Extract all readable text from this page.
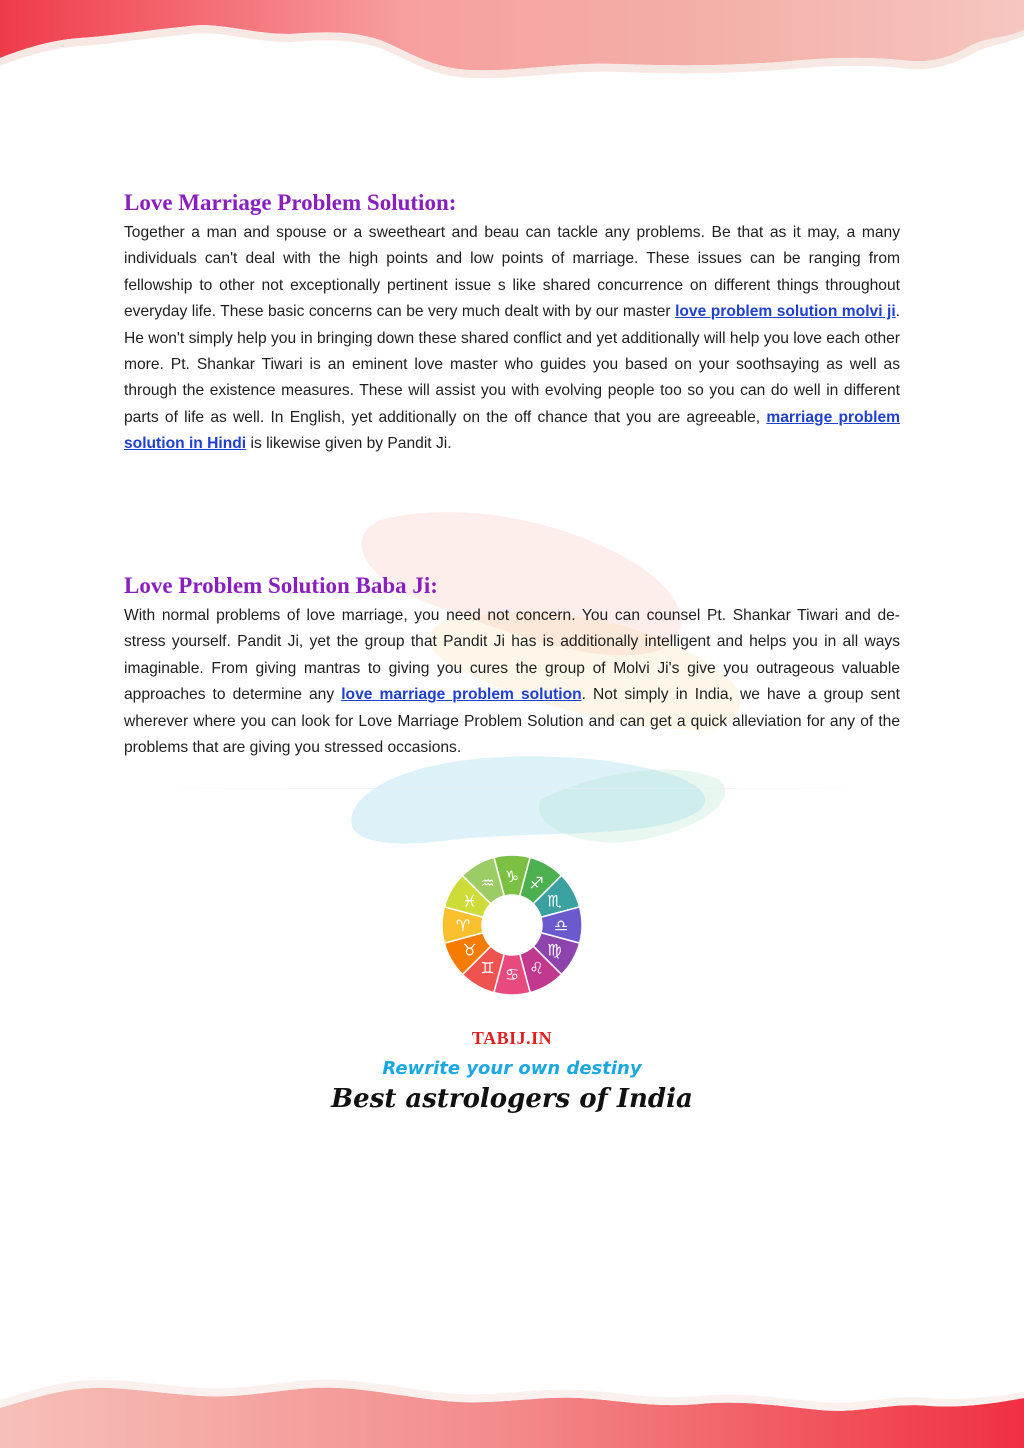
Love Marriage Problem Solution:

Together a man and spouse or a sweetheart and beau can tackle any problems. Be that as it may, a many individuals can't deal with the high points and low points of marriage. These issues can be ranging from fellowship to other not exceptionally pertinent issue s like shared concurrence on different things throughout everyday life. These basic concerns can be very much dealt with by our master love problem solution molvi ji. He won't simply help you in bringing down these shared conflict and yet additionally will help you love each other more. Pt. Shankar Tiwari is an eminent love master who guides you based on your soothsaying as well as through the existence measures. These will assist you with evolving people too so you can do well in different parts of life as well. In English, yet additionally on the off chance that you are agreeable, marriage problem solution in Hindi is likewise given by Pandit Ji.

Love Problem Solution Baba Ji:

With normal problems of love marriage, you need not concern. You can counsel Pt. Shankar Tiwari and de-stress yourself. Pandit Ji, yet the group that Pandit Ji has is additionally intelligent and helps you in all ways imaginable. From giving mantras to giving you cures the group of Molvi Ji's give you outrageous valuable approaches to determine any love marriage problem solution. Not simply in India, we have a group sent wherever where you can look for Love Marriage Problem Solution and can get a quick alleviation for any of the problems that are giving you stressed occasions.

♑ ♐
♏
♎
♍
♌
♋
♊
♉
♈
♓
♒
TABIJ.IN
Rewrite your own destiny
Best astrologers of India
